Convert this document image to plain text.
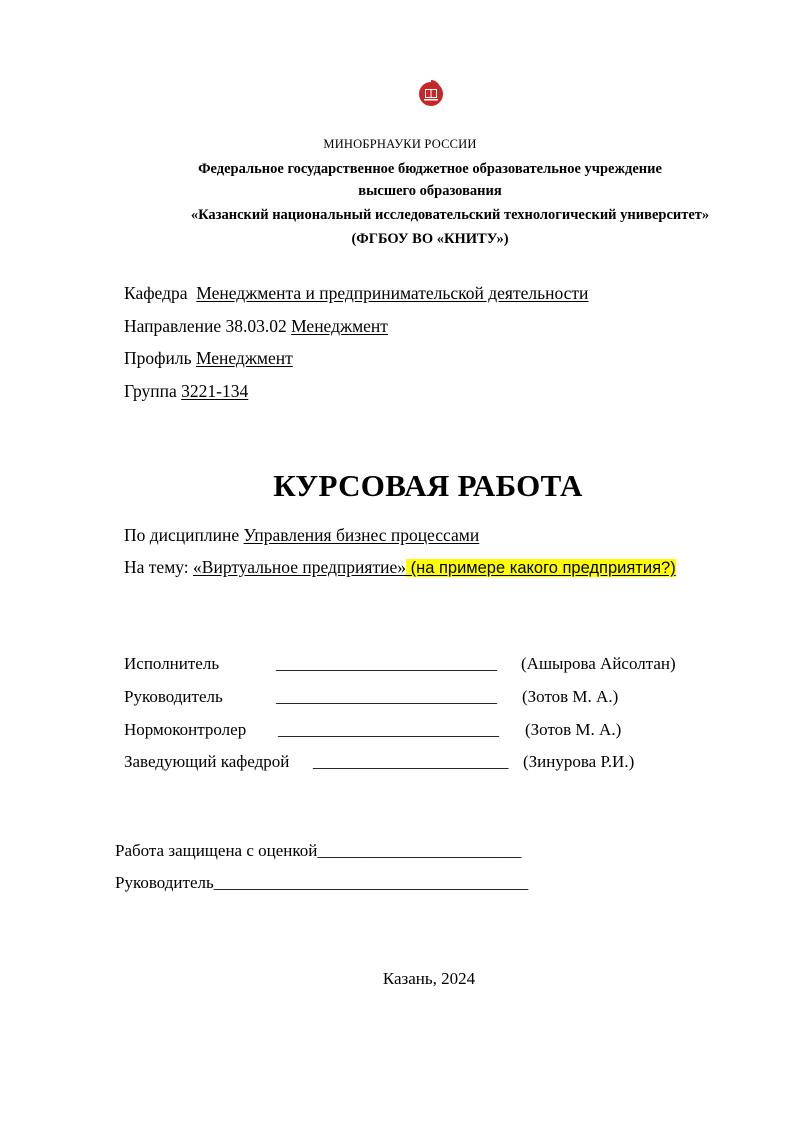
МИНОБРНАУКИ РОССИИ
Федеральное государственное бюджетное образовательное учреждение
высшего образования
«Казанский национальный исследовательский технологический университет»
(ФГБОУ ВО «КНИТУ»)
Кафедра Менеджмента и предпринимательской деятельности
Направление 38.03.02 Менеджмент
Профиль Менеджмент
Группа 3221-134
КУРСОВАЯ РАБОТА
По дисциплине Управления бизнес процессами
На тему: «Виртуальное предприятие» (на примере какого предприятия?)
Исполнитель	__________________________ (Ашырова Айсолтан)
Руководитель	__________________________ (Зотов М. А.)
Нормоконтролер __________________________ (Зотов М. А.)
Заведующий кафедрой _______________________ (Зинурова Р.И.)
Работа защищена с оценкой________________________
Руководитель_____________________________________
Казань, 2024
